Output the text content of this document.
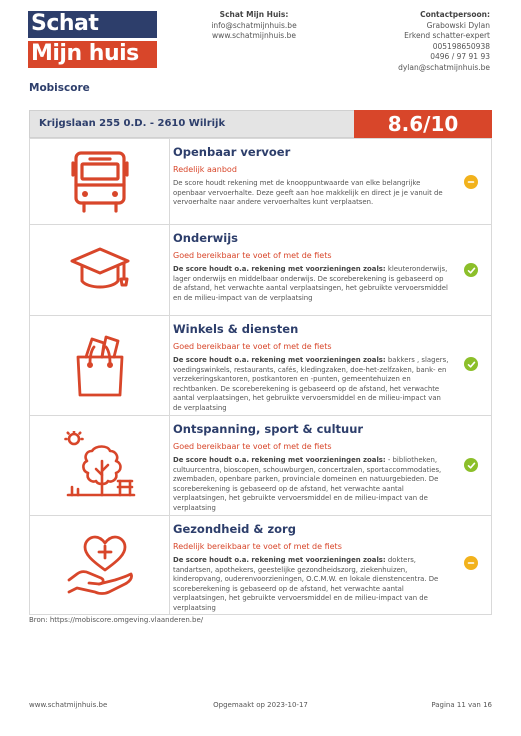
Schat
Mijn huis
Schat Mijn Huis:
info@schatmijnhuis.be
www.schatmijnhuis.be
Contactpersoon:
Grabowski Dylan
Erkend schatter-expert
005198650938
0496 / 97 91 93
dylan@schatmijnhuis.be
Mobiscore
Krijgslaan 255 0.D. - 2610 Wilrijk	8.6/10
Openbaar vervoer
Redelijk aanbod
De score houdt rekening met de knooppuntwaarde van elke belangrijke openbaar vervoerhalte. Deze geeft aan hoe makkelijk en direct je je vanuit de vervoerhalte naar andere vervoerhaltes kunt verplaatsen.
Onderwijs
Goed bereikbaar te voet of met de fiets
De score houdt o.a. rekening met voorzieningen zoals: kleuteronderwijs, lager onderwijs en middelbaar onderwijs. De scoreberekening is gebaseerd op de afstand, het verwachte aantal verplaatsingen, het gebruikte vervoersmiddel en de milieu-impact van de verplaatsing
Winkels & diensten
Goed bereikbaar te voet of met de fiets
De score houdt o.a. rekening met voorzieningen zoals: bakkers , slagers, voedingswinkels, restaurants, cafés, kledingzaken, doe-het-zelfzaken, bank- en verzekeringskantoren, postkantoren en -punten, gemeentehuizen en rechtbanken. De scoreberekening is gebaseerd op de afstand, het verwachte aantal verplaatsingen, het gebruikte vervoersmiddel en de milieu-impact van de verplaatsing
Ontspanning, sport & cultuur
Goed bereikbaar te voet of met de fiets
De score houdt o.a. rekening met voorzieningen zoals: - bibliotheken, cultuurcentra, bioscopen, schouwburgen, concertzalen, sportaccommodaties, zwembaden, openbare parken, provinciale domeinen en natuurgebieden. De scoreberekening is gebaseerd op de afstand, het verwachte aantal verplaatsingen, het gebruikte vervoersmiddel en de milieu-impact van de verplaatsing
Gezondheid & zorg
Redelijk bereikbaar te voet of met de fiets
De score houdt o.a. rekening met voorzieningen zoals: dokters, tandartsen, apothekers, geestelijke gezondheidszorg, ziekenhuizen, kinderopvang, ouderenvoorzieningen, O.C.M.W. en lokale dienstencentra. De scoreberekening is gebaseerd op de afstand, het verwachte aantal verplaatsingen, het gebruikte vervoersmiddel en de milieu-impact van de verplaatsing
Bron: https://mobiscore.omgeving.vlaanderen.be/
www.schatmijnhuis.be	Opgemaakt op 2023-10-17	Pagina 11 van 16
